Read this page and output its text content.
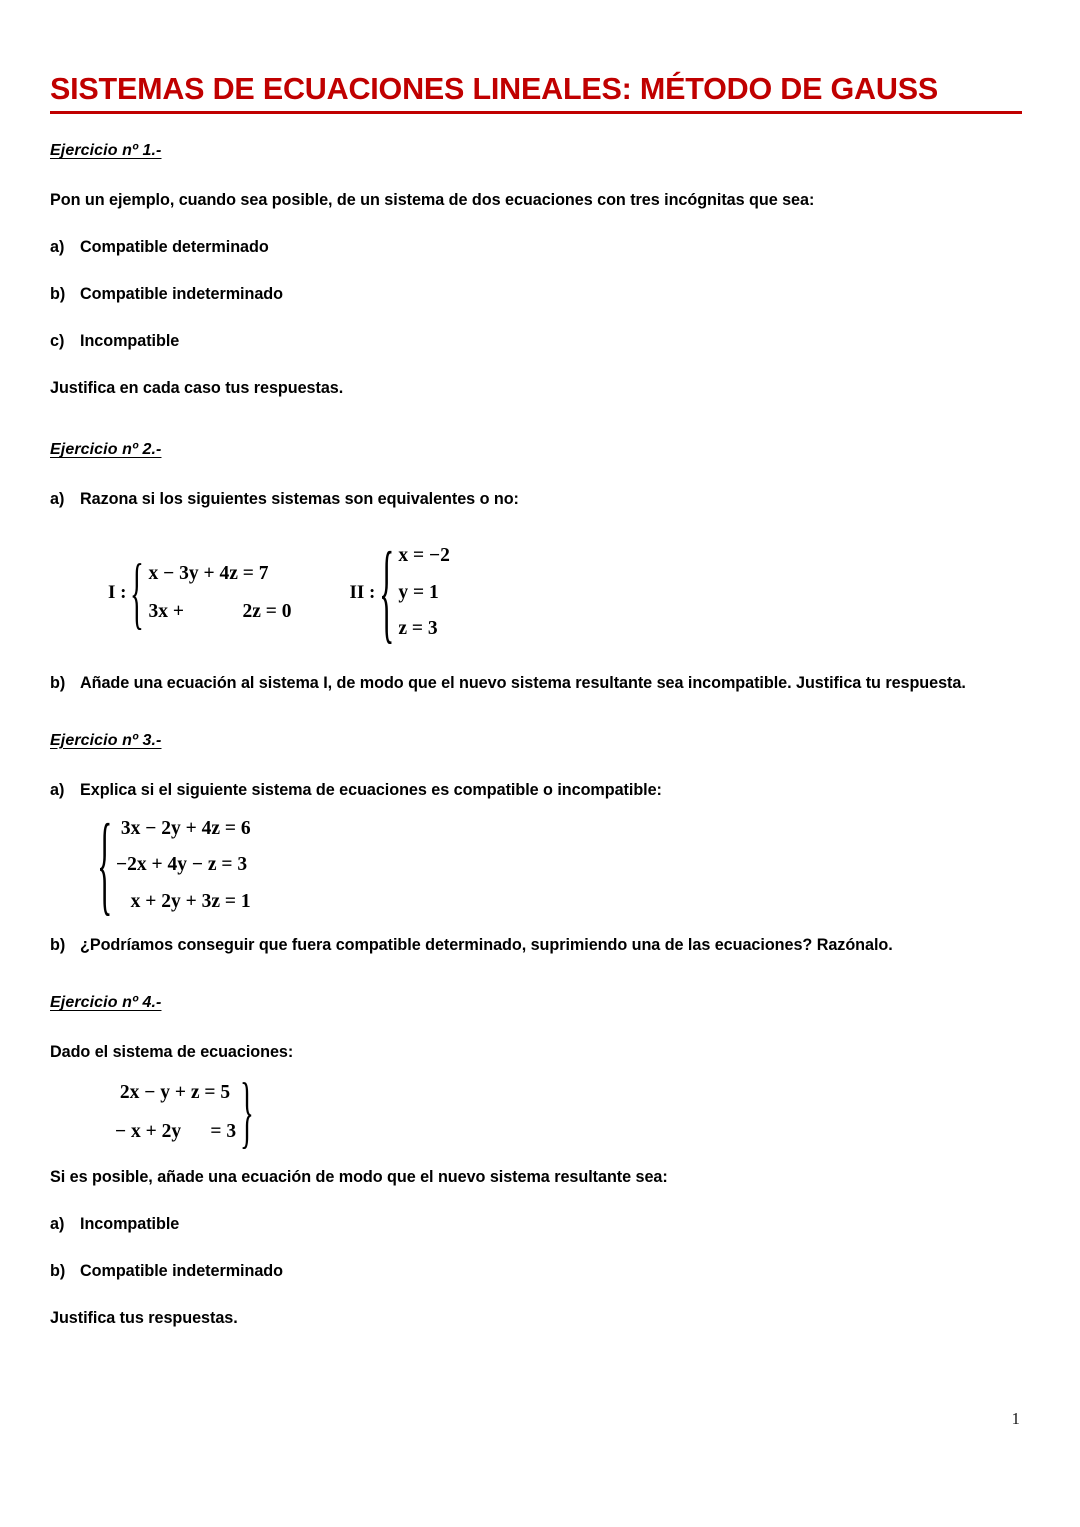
SISTEMAS DE ECUACIONES LINEALES: MÉTODO DE GAUSS
Ejercicio nº 1.-

Pon un ejemplo, cuando sea posible, de un sistema de dos ecuaciones con tres incógnitas que sea:

a) Compatible determinado
b) Compatible indeterminado
c) Incompatible

Justifica en cada caso tus respuestas.

Ejercicio nº 2.-
a) Razona si los siguientes sistemas son equivalentes o no:
I : { x − 3y + 4z = 7
3x +            2z = 0
II : { x = −2
y = 1
z = 3
b) Añade una ecuación al sistema I, de modo que el nuevo sistema resultante sea incompatible. Justifica tu respuesta.
Ejercicio nº 3.-
a) Explica si el siguiente sistema de ecuaciones es compatible o incompatible:
{ 3x − 2y + 4z = 6
−2x + 4y − z = 3
x + 2y + 3z = 1
b) ¿Podríamos conseguir que fuera compatible determinado, suprimiendo una de las ecuaciones? Razónalo.
Ejercicio nº 4.-

Dado el sistema de ecuaciones:

2x − y + z = 5
− x + 2y      = 3 }

Si es posible, añade una ecuación de modo que el nuevo sistema resultante sea:

a) Incompatible
b) Compatible indeterminado

Justifica tus respuestas.

1
